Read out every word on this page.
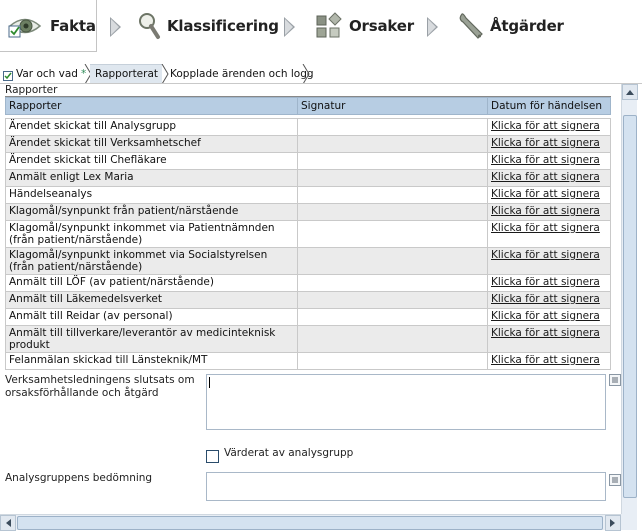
Fakta	Klassificering	Orsaker	Åtgärder
Var och vad * Rapporterat Kopplade ärenden och logg
Rapporter
Rapporter	Signatur	Datum för händelsen

Ärendet skickat till Analysgrupp		Klicka för att signera
Ärendet skickat till Verksamhetschef		Klicka för att signera
Ärendet skickat till Chefläkare		Klicka för att signera
Anmält enligt Lex Maria		Klicka för att signera
Händelseanalys		Klicka för att signera
Klagomål/synpunkt från patient/närstående		Klicka för att signera
Klagomål/synpunkt inkommet via Patientnämnden (från patient/närstående)		Klicka för att signera
Klagomål/synpunkt inkommet via Socialstyrelsen (från patient/närstående)		Klicka för att signera
Anmält till LÖF (av patient/närstående)		Klicka för att signera
Anmält till Läkemedelsverket		Klicka för att signera
Anmält till Reidar (av personal)		Klicka för att signera
Anmält till tillverkare/leverantör av medicinteknisk produkt		Klicka för att signera
Felanmälan skickad till Länsteknik/MT		Klicka för att signera
Verksamhetsledningens slutsats om orsaksförhållande och åtgärd
Värderat av analysgrupp
Analysgruppens bedömning
